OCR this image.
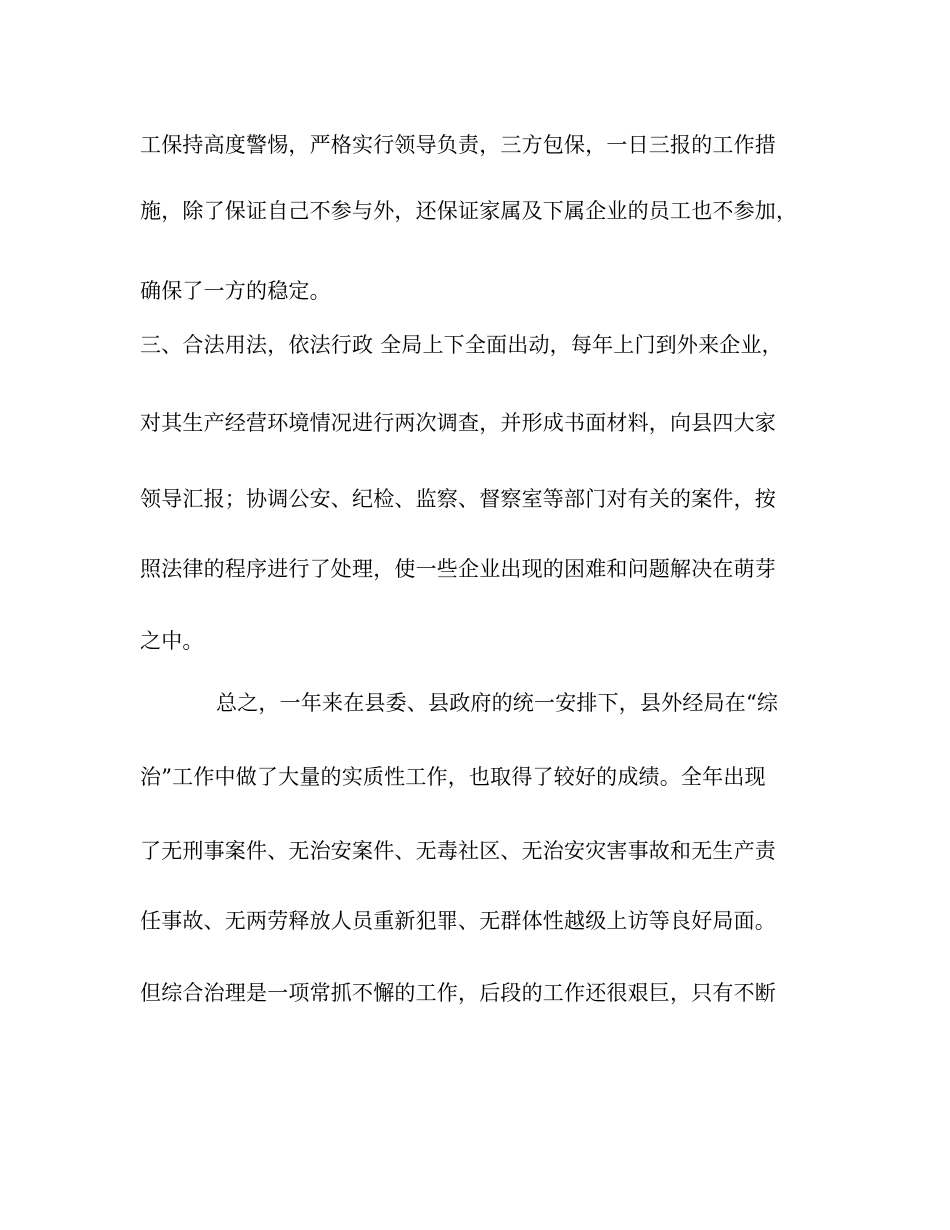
工保持高度警惕，严格实行领导负责，三方包保，一日三报的工作措
施，除了保证自己不参与外，还保证家属及下属企业的员工也不参加，
确保了一方的稳定。
三、合法用法，依法行政 全局上下全面出动，每年上门到外来企业，
对其生产经营环境情况进行两次调查，并形成书面材料，向县四大家
领导汇报；协调公安、纪检、监察、督察室等部门对有关的案件，按
照法律的程序进行了处理，使一些企业出现的困难和问题解决在萌芽
之中。
总之，一年来在县委、县政府的统一安排下，县外经局在“综
治”工作中做了大量的实质性工作，也取得了较好的成绩。全年出现
了无刑事案件、无治安案件、无毒社区、无治安灾害事故和无生产责
任事故、无两劳释放人员重新犯罪、无群体性越级上访等良好局面。
但综合治理是一项常抓不懈的工作，后段的工作还很艰巨，只有不断
